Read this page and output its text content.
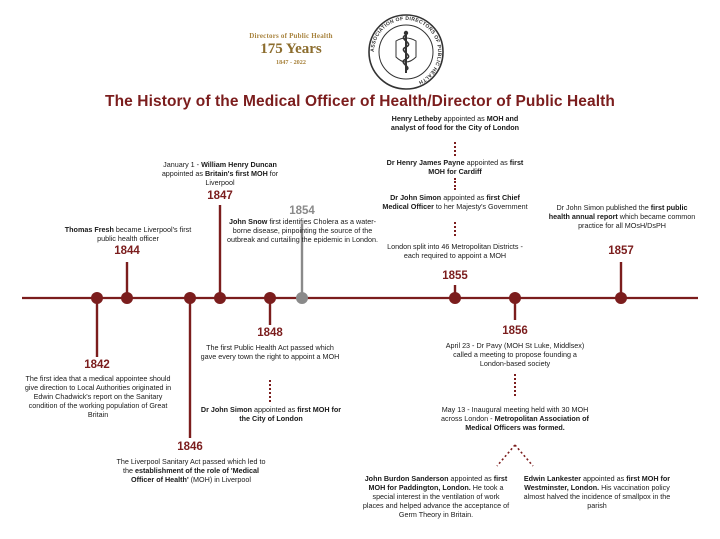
Directors of Public Health
175 Years
1847 - 2022
ASSOCIATION OF DIRECTORS OF PUBLIC HEALTH
The History of the Medical Officer of Health/Director of Public Health
1842
The first idea that a medical appointee should give direction to Local Authorities originated in Edwin Chadwick's report on the Sanitary condition of the working population of Great Britain
Thomas Fresh became Liverpool's first public health officer
1844
1846
The Liverpool Sanitary Act passed which led to the establishment of the role of 'Medical Officer of Health' (MOH) in Liverpool
January 1 - William Henry Duncan appointed as Britain's first MOH for Liverpool
1847
1848
The first Public Health Act passed which gave every town the right to appoint a MOH
Dr John Simon appointed as first MOH for the City of London
1854
John Snow first identifies Cholera as a water-borne disease, pinpointing the source of the outbreak and curtailing the epidemic in London.
Henry Letheby appointed as MOH and analyst of food for the City of London
Dr Henry James Payne appointed as first MOH for Cardiff
Dr John Simon appointed as first Chief Medical Officer to her Majesty's Government
London split into 46 Metropolitan Districts - each required to appoint a MOH
1855
1856
April 23 - Dr Pavy (MOH St Luke, Middlsex) called a meeting to propose founding a London-based society
May 13 - Inaugural meeting held with 30 MOH across London - Metropolitan Association of Medical Officers was formed.
John Burdon Sanderson appointed as first MOH for Paddington, London. He took a special interest in the ventilation of work places and helped advance the acceptance of Germ Theory in Britain.
Edwin Lankester appointed as first MOH for Westminster, London. His vaccination policy almost halved the incidence of smallpox in the parish
Dr John Simon published the first public health annual report which became common practice for all MOsH/DsPH
1857
